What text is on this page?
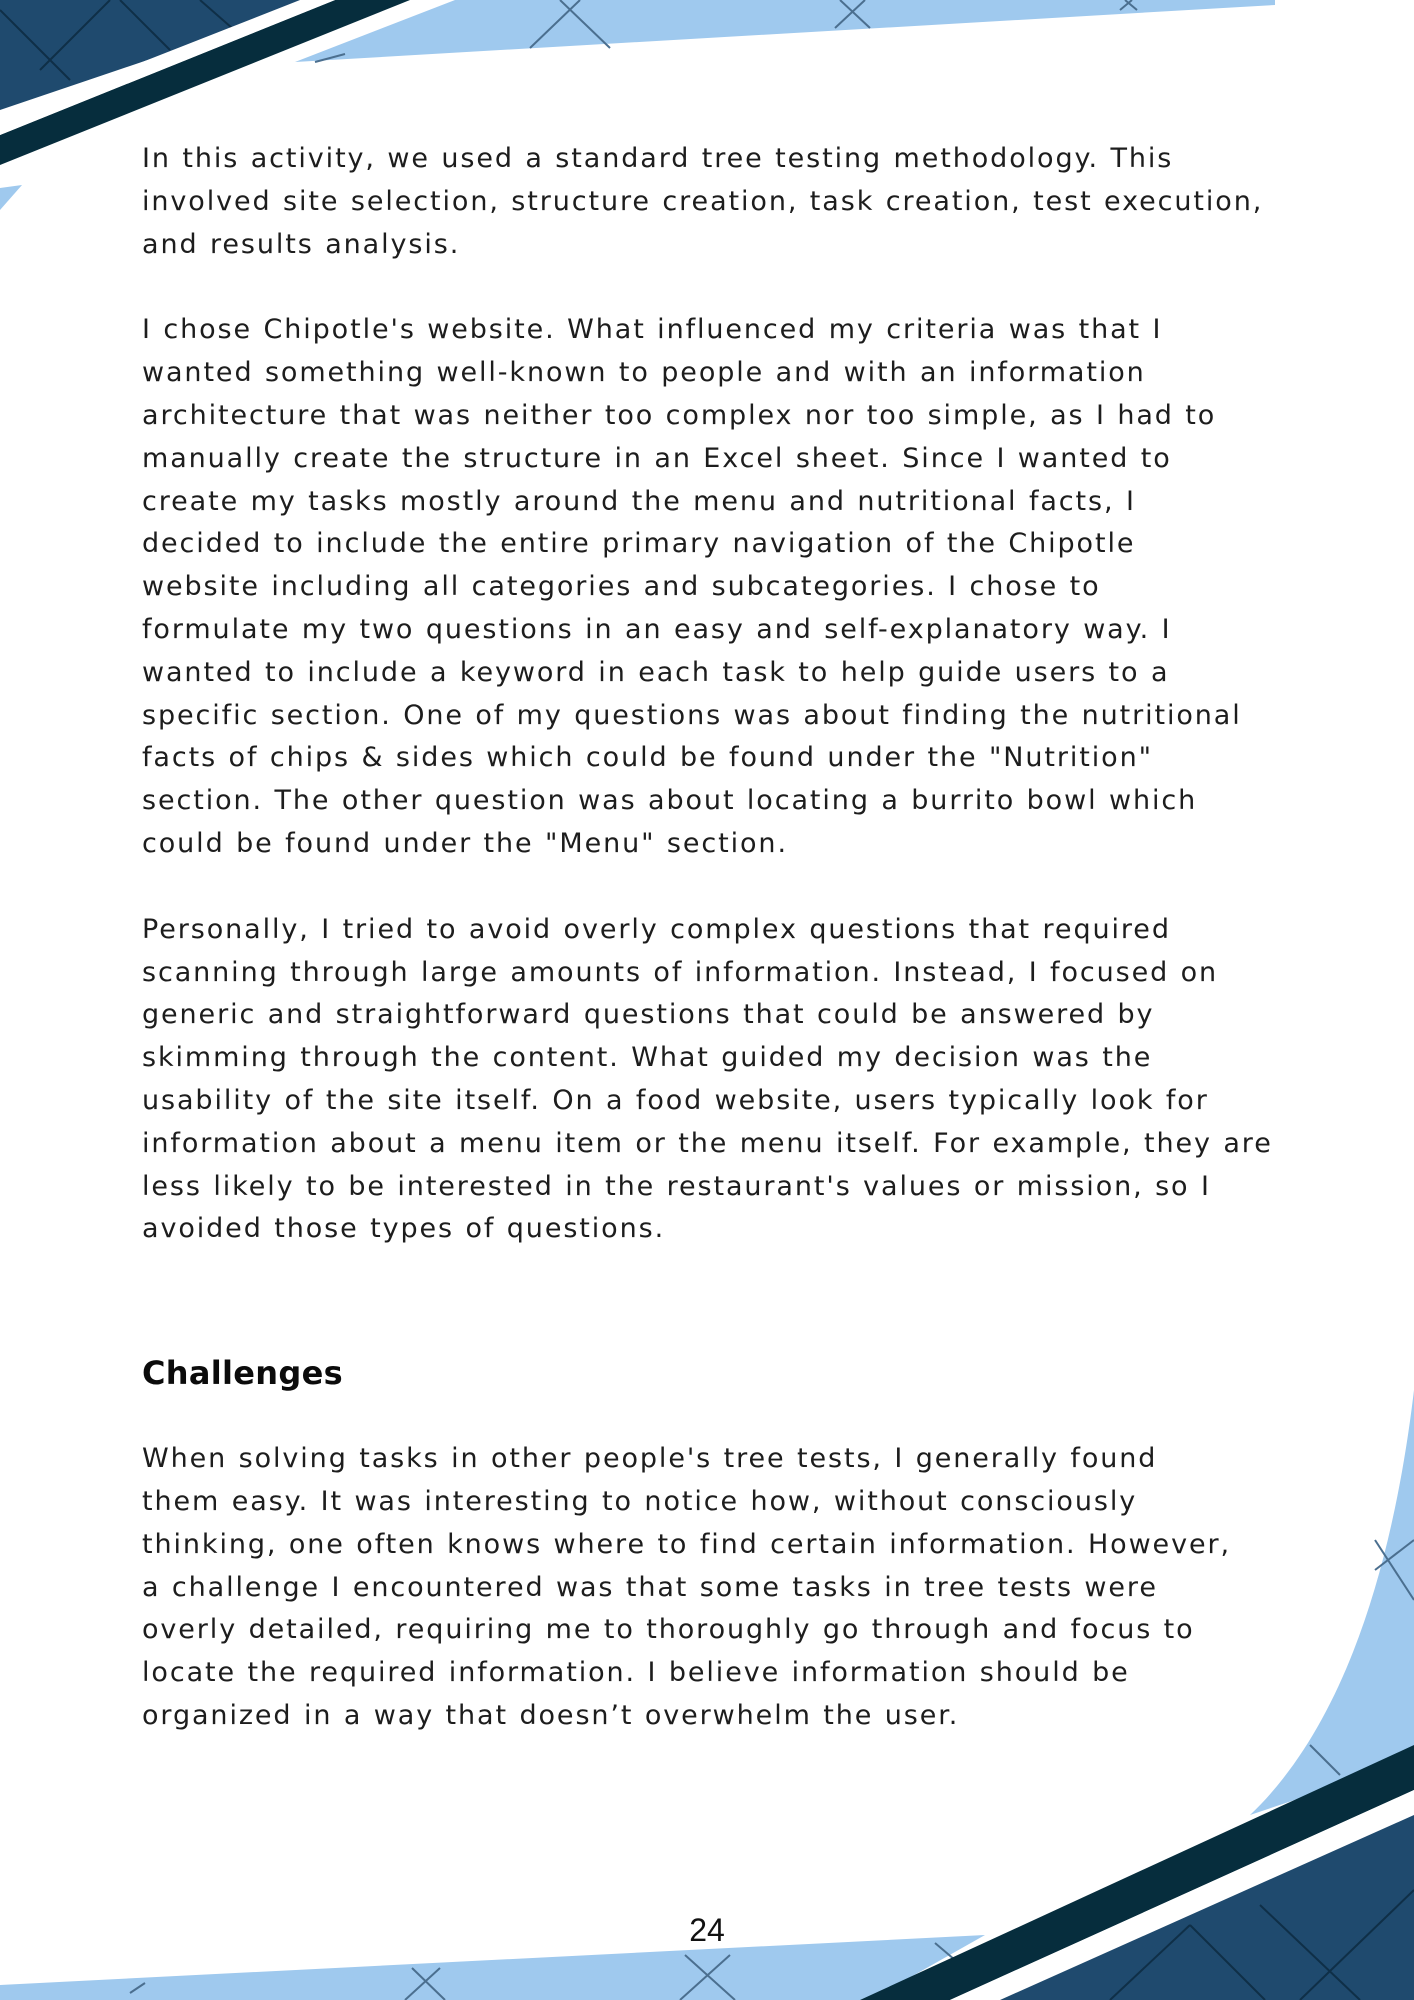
In this activity, we used a standard tree testing methodology. This involved site selection, structure creation, task creation, test execution, and results analysis.

I chose Chipotle's website. What influenced my criteria was that I wanted something well-known to people and with an information architecture that was neither too complex nor too simple, as I had to manually create the structure in an Excel sheet. Since I wanted to create my tasks mostly around the menu and nutritional facts, I decided to include the entire primary navigation of the Chipotle website including all categories and subcategories. I chose to formulate my two questions in an easy and self-explanatory way. I wanted to include a keyword in each task to help guide users to a specific section. One of my questions was about finding the nutritional facts of chips & sides which could be found under the "Nutrition" section. The other question was about locating a burrito bowl which could be found under the "Menu" section.

Personally, I tried to avoid overly complex questions that required scanning through large amounts of information. Instead, I focused on generic and straightforward questions that could be answered by skimming through the content. What guided my decision was the usability of the site itself. On a food website, users typically look for information about a menu item or the menu itself. For example, they are less likely to be interested in the restaurant's values or mission, so I avoided those types of questions.

Challenges

When solving tasks in other people's tree tests, I generally found them easy. It was interesting to notice how, without consciously thinking, one often knows where to find certain information. However, a challenge I encountered was that some tasks in tree tests were overly detailed, requiring me to thoroughly go through and focus to locate the required information. I believe information should be organized in a way that doesn’t overwhelm the user.

24
